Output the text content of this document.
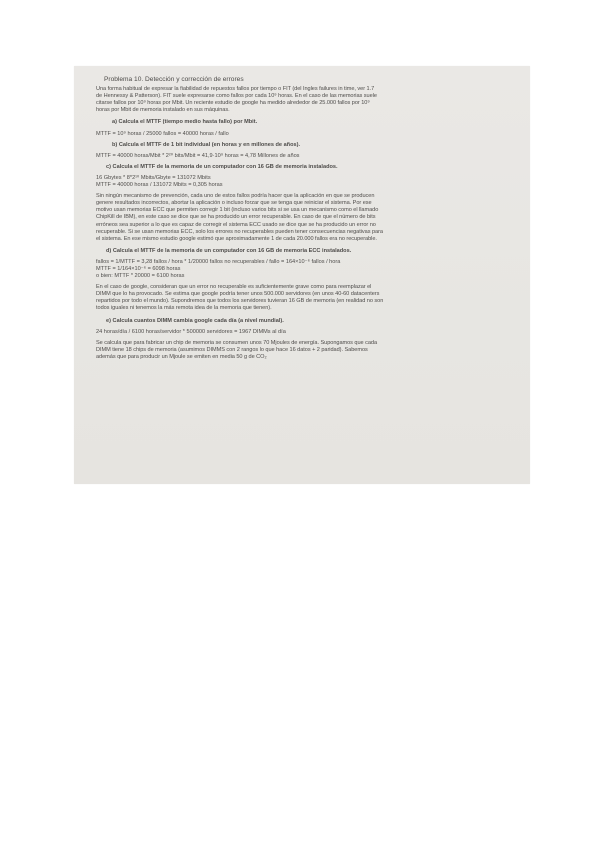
Problema 10. Detección y corrección de errores
Una forma habitual de expresar la fiabilidad de repuestos fallos por tiempo o FIT (del Ingles failures in time, ver 1.7
de Hennessy & Patterson). FIT suele expresarse como fallos por cada 10⁹ horas. En el caso de las memorias suele
citarse fallos por 10⁹ horas por Mbit. Un reciente estudio de google ha medido alrededor de 25.000 fallos por 10⁹
horas por Mbit de memoria instalado en sus máquinas.
a) Calcula el MTTF (tiempo medio hasta fallo) por Mbit.
MTTF = 10⁹ horas / 25000 fallos = 40000 horas / fallo
b) Calcula el MTTF de 1 bit individual (en horas y en millones de años).
MTTF = 40000 horas/Mbit * 2²⁰ bits/Mbit = 41,9·10⁹ horas = 4,78 Millones de años
c) Calcula el MTTF de la memoria de un computador con 16 GB de memoria instalados.
16 Gbytes * 8*2¹⁰ Mbits/Gbyte = 131072 Mbits
MTTF = 40000 horas / 131072 Mbits = 0,305 horas
Sin ningún mecanismo de prevención, cada uno de estos fallos podría hacer que la aplicación en que se producen
genere resultados incorrectos, abortar la aplicación o incluso forzar que se tenga que reiniciar el sistema. Por ese
motivo usan memorias ECC que permiten corregir 1 bit (incluso varios bits si se usa un mecanismo como el llamado
ChipKill de IBM), en este caso se dice que se ha producido un error recuperable. En caso de que el número de bits
erróneos sea superior a lo que es capaz de corregir el sistema ECC usado se dice que se ha producido un error no
recuperable. Si se usan memorias ECC, solo los errores no recuperables pueden tener consecuencias negativas para
el sistema. En ese mismo estudio google estimó que aproximadamente 1 de cada 20.000 fallos era no recuperable.
d) Calcula el MTTF de la memoria de un computador con 16 GB de memoria ECC instalados.
fallos = 1/MTTF = 3,28 fallos / hora * 1/20000 fallos no recuperables / fallo = 164×10⁻⁶ fallos / hora
MTTF = 1/164×10⁻⁶ = 6098 horas
o bien: MTTF * 20000 = 6100 horas
En el caso de google, consideran que un error no recuperable es suficientemente grave como para reemplazar el
DIMM que lo ha provocado. Se estima que google podría tener unos 500.000 servidores (en unos 40-60 datacenters
repartidos por todo el mundo). Supondremos que todos los servidores tuvieran 16 GB de memoria (en realidad no son
todos iguales ni tenemos la más remota idea de la memoria que tienen).
e) Calcula cuantos DIMM cambia google cada día (a nivel mundial).
24 horas/día / 6100 horas/servidor * 500000 servidores = 1967 DIMMs al día
Se calcula que para fabricar un chip de memoria se consumen unos 70 Mjoules de energía. Supongamos que cada
DIMM tiene 18 chips de memoria (asumimos DIMMS con 2 rangos lo que hace 16 datos + 2 paridad). Sabemos
además que para producir un Mjoule se emiten en media 50 g de CO₂
